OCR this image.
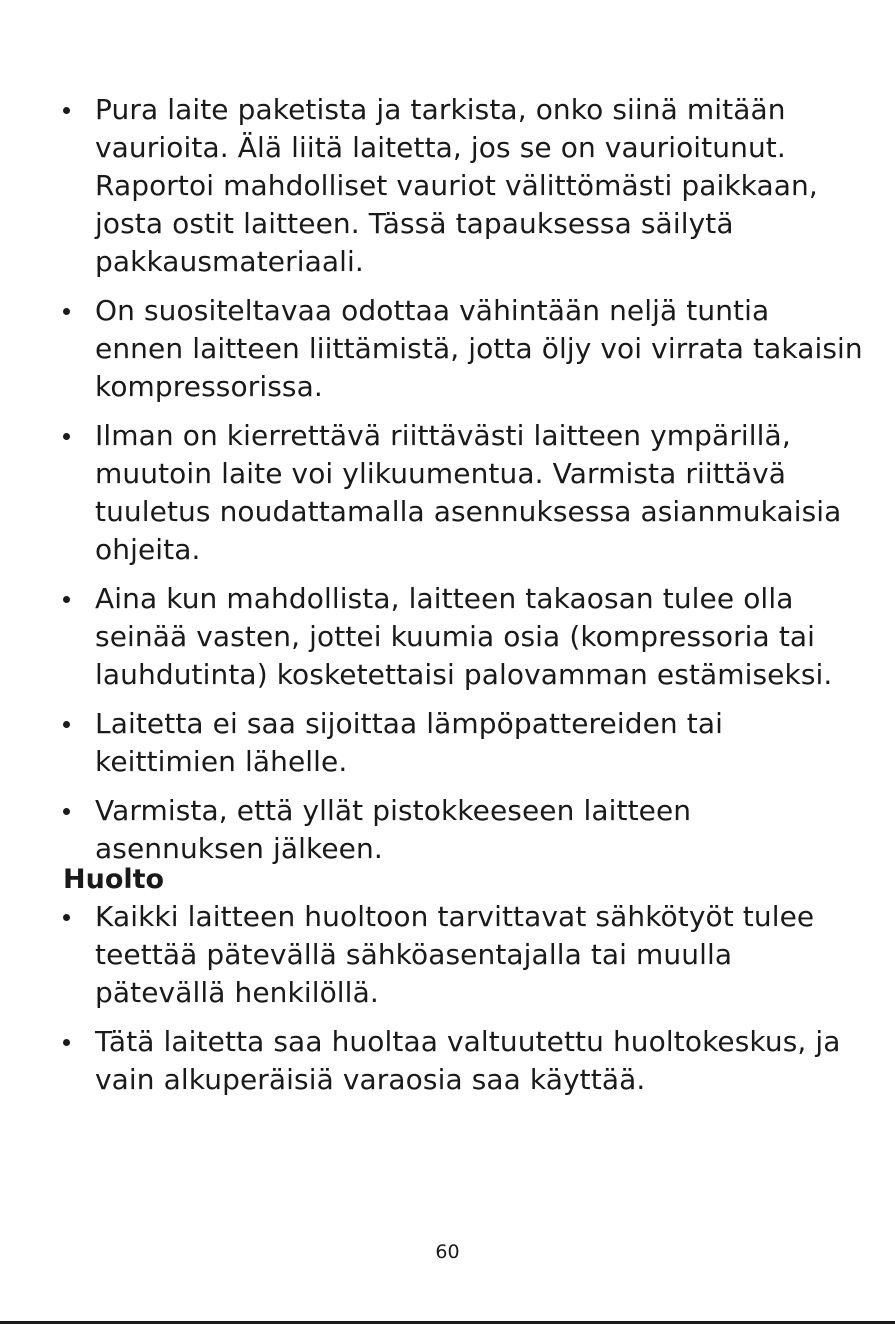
Pura laite paketista ja tarkista, onko siinä mitään vaurioita. Älä liitä laitetta, jos se on vaurioitunut. Raportoi mahdolliset vauriot välittömästi paikkaan, josta ostit laitteen. Tässä tapauksessa säilytä pakkausmateriaali.
On suositeltavaa odottaa vähintään neljä tuntia ennen laitteen liittämistä, jotta öljy voi virrata takaisin kompressorissa.
Ilman on kierrettävä riittävästi laitteen ympärillä, muutoin laite voi ylikuumentua. Varmista riittävä tuuletus noudattamalla asennuksessa asianmukaisia ohjeita.
Aina kun mahdollista, laitteen takaosan tulee olla seinää vasten, jottei kuumia osia (kompressoria tai lauhdutinta) kosketettaisi palovamman estämiseksi.
Laitetta ei saa sijoittaa lämpöpattereiden tai keittimien lähelle.
Varmista, että yllät pistokkeeseen laitteen asennuksen jälkeen.
Huolto
Kaikki laitteen huoltoon tarvittavat sähkötyöt tulee teettää pätevällä sähköasentajalla tai muulla pätevällä henkilöllä.
Tätä laitetta saa huoltaa valtuutettu huoltokeskus, ja vain alkuperäisiä varaosia saa käyttää.
60
